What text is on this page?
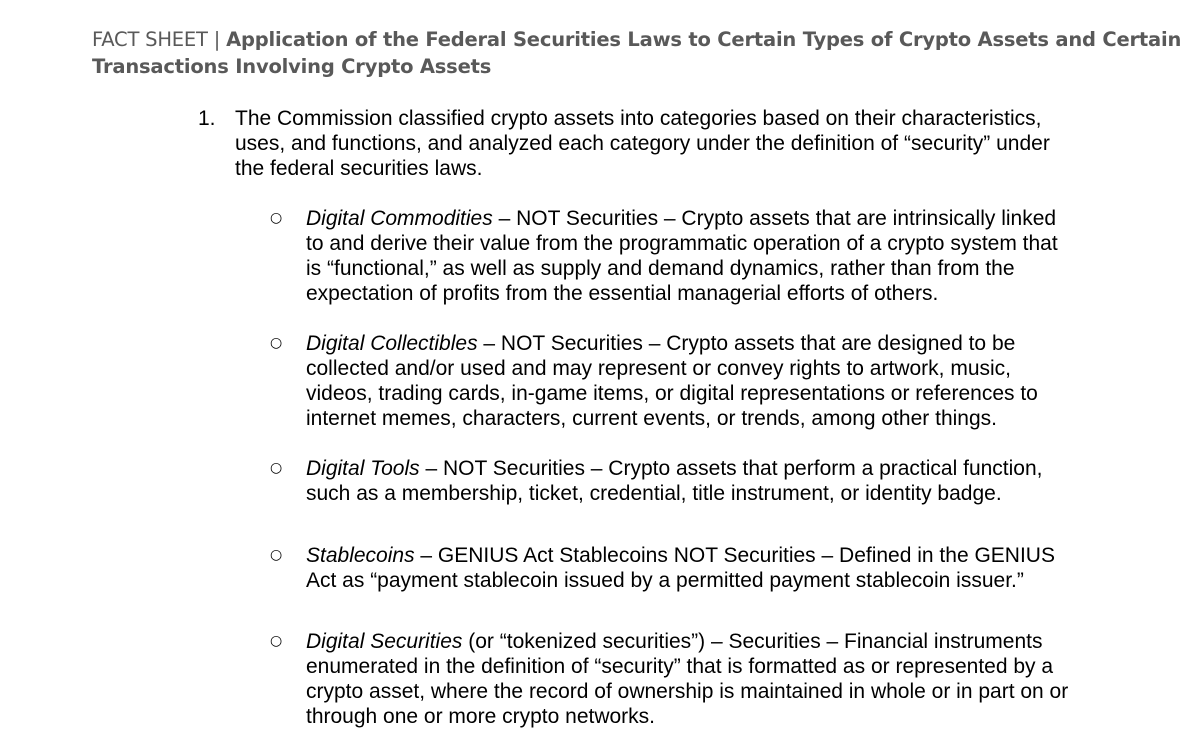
FACT SHEET | Application of the Federal Securities Laws to Certain Types of Crypto Assets and Certain
Transactions Involving Crypto Assets
1. The Commission classified crypto assets into categories based on their characteristics,
uses, and functions, and analyzed each category under the definition of “security” under
the federal securities laws.
○ Digital Commodities – NOT Securities – Crypto assets that are intrinsically linked
to and derive their value from the programmatic operation of a crypto system that
is “functional,” as well as supply and demand dynamics, rather than from the
expectation of profits from the essential managerial efforts of others.
○ Digital Collectibles – NOT Securities – Crypto assets that are designed to be
collected and/or used and may represent or convey rights to artwork, music,
videos, trading cards, in-game items, or digital representations or references to
internet memes, characters, current events, or trends, among other things.
○ Digital Tools – NOT Securities – Crypto assets that perform a practical function,
such as a membership, ticket, credential, title instrument, or identity badge.
○ Stablecoins – GENIUS Act Stablecoins NOT Securities – Defined in the GENIUS
Act as “payment stablecoin issued by a permitted payment stablecoin issuer.”
○ Digital Securities (or “tokenized securities”) – Securities – Financial instruments
enumerated in the definition of “security” that is formatted as or represented by a
crypto asset, where the record of ownership is maintained in whole or in part on or
through one or more crypto networks.
